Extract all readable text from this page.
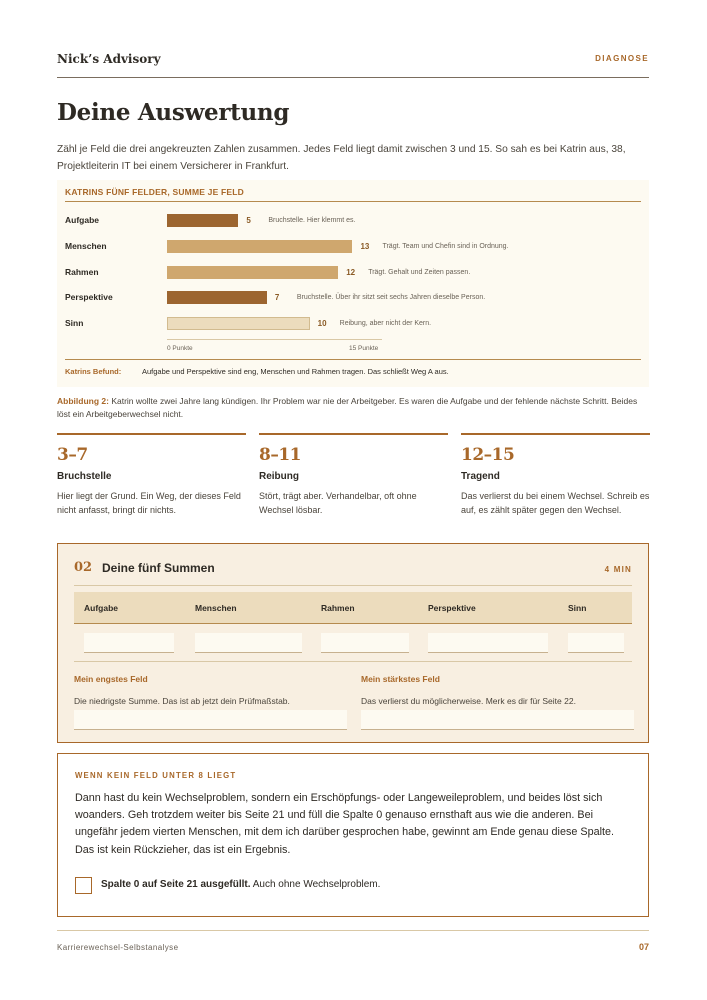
Nick’s Advisory	DIAGNOSE
Deine Auswertung

Zähl je Feld die drei angekreuzten Zahlen zusammen. Jedes Feld liegt damit zwischen 3 und 15. So sah es bei Katrin aus, 38, Projektleiterin IT bei einem Versicherer in Frankfurt.

KATRINS FÜNF FELDER, SUMME JE FELD
Aufgabe	5	Bruchstelle. Hier klemmt es.
Menschen	13 Trägt. Team und Chefin sind in Ordnung.
Rahmen	12 Trägt. Gehalt und Zeiten passen.
Perspektive	7	Bruchstelle. Über ihr sitzt seit sechs Jahren dieselbe Person.
Sinn	10 Reibung, aber nicht der Kern.
0 Punkte	15 Punkte
Katrins Befund:	Aufgabe und Perspektive sind eng, Menschen und Rahmen tragen. Das schließt Weg A aus.

Abbildung 2: Katrin wollte zwei Jahre lang kündigen. Ihr Problem war nie der Arbeitgeber. Es waren die Aufgabe und der fehlende nächste Schritt. Beides löst ein Arbeitgeberwechsel nicht.

3–7
Bruchstelle
Hier liegt der Grund. Ein Weg, der dieses Feld nicht anfasst, bringt dir nichts.
8–11
Reibung
Stört, trägt aber. Verhandelbar, oft ohne Wechsel lösbar.
12–15
Tragend
Das verlierst du bei einem Wechsel. Schreib es auf, es zählt später gegen den Wechsel.
02 Deine fünf Summen	4 MIN
Aufgabe	Menschen	Rahmen	Perspektive	Sinn
Mein engstes Feld
Die niedrigste Summe. Das ist ab jetzt dein Prüfmaßstab.
Mein stärkstes Feld
Das verlierst du möglicherweise. Merk es dir für Seite 22.
WENN KEIN FELD UNTER 8 LIEGT

Dann hast du kein Wechselproblem, sondern ein Erschöpfungs- oder Langeweileproblem, und beides löst sich woanders. Geh trotzdem weiter bis Seite 21 und füll die Spalte 0 genauso ernsthaft aus wie die anderen. Bei ungefähr jedem vierten Menschen, mit dem ich darüber gesprochen habe, gewinnt am Ende genau diese Spalte. Das ist kein Rückzieher, das ist ein Ergebnis.

Spalte 0 auf Seite 21 ausgefüllt. Auch ohne Wechselproblem.
Karrierewechsel-Selbstanalyse	07
